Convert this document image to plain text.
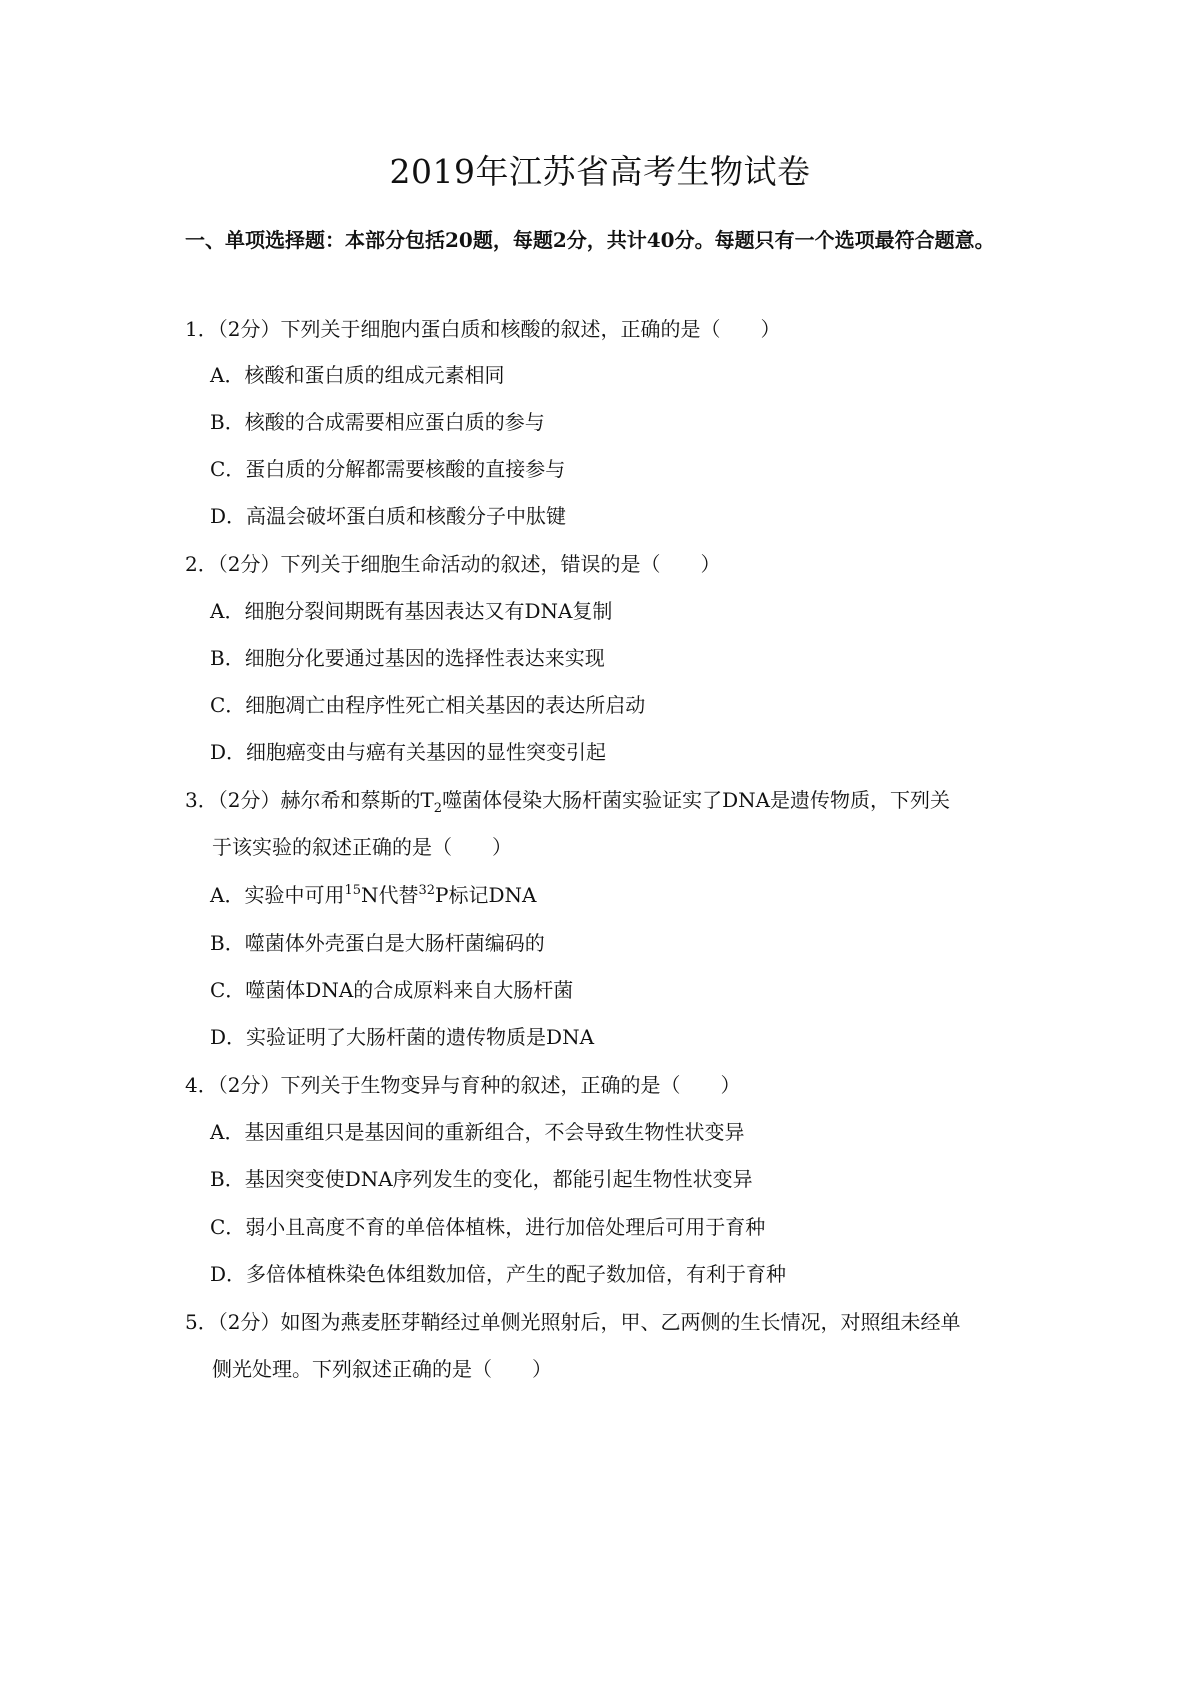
2019年江苏省高考生物试卷
一、单项选择题：本部分包括20题，每题2分，共计40分。每题只有一个选项最符合题意。
1．（2分）下列关于细胞内蛋白质和核酸的叙述，正确的是（　　）
A．核酸和蛋白质的组成元素相同
B．核酸的合成需要相应蛋白质的参与
C．蛋白质的分解都需要核酸的直接参与
D．高温会破坏蛋白质和核酸分子中肽键
2．（2分）下列关于细胞生命活动的叙述，错误的是（　　）
A．细胞分裂间期既有基因表达又有DNA复制
B．细胞分化要通过基因的选择性表达来实现
C．细胞凋亡由程序性死亡相关基因的表达所启动
D．细胞癌变由与癌有关基因的显性突变引起
3．（2分）赫尔希和蔡斯的$T_2$噬菌体侵染大肠杆菌实验证实了DNA是遗传物质，下列关
于该实验的叙述正确的是（　　）
A．实验中可用$^{15}$N代替$^{32}$P标记DNA
B．噬菌体外壳蛋白是大肠杆菌编码的
C．噬菌体DNA的合成原料来自大肠杆菌
D．实验证明了大肠杆菌的遗传物质是DNA
4．（2分）下列关于生物变异与育种的叙述，正确的是（　　）
A．基因重组只是基因间的重新组合，不会导致生物性状变异
B．基因突变使DNA序列发生的变化，都能引起生物性状变异
C．弱小且高度不育的单倍体植株，进行加倍处理后可用于育种
D．多倍体植株染色体组数加倍，产生的配子数加倍，有利于育种
5．（2分）如图为燕麦胚芽鞘经过单侧光照射后，甲、乙两侧的生长情况，对照组未经单
侧光处理。下列叙述正确的是（　　）
